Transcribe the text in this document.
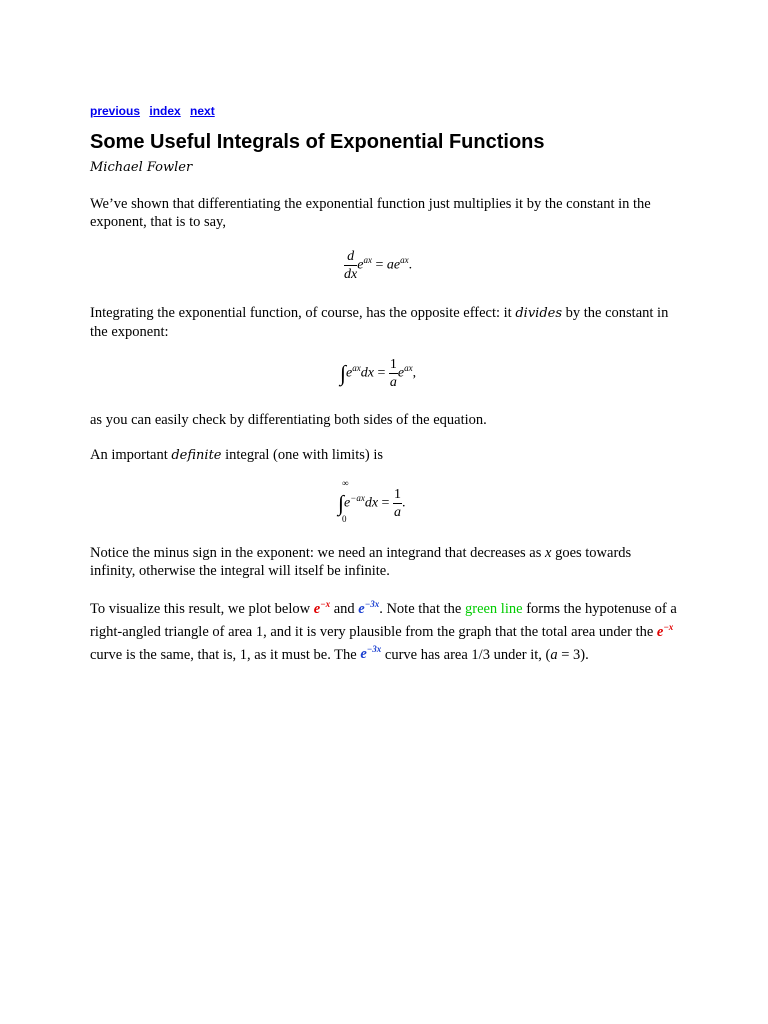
previous index next
Some Useful Integrals of Exponential Functions
Michael Fowler

We’ve shown that differentiating the exponential function just multiplies it by the constant in the exponent, that is to say,

$\frac{d}{dx} e^{ax} = ae^{ax}$.

Integrating the exponential function, of course, has the opposite effect: it divides by the constant in the exponent:

$\int e^{ax}dx = \frac{1}{a} e^{ax}$,

as you can easily check by differentiating both sides of the equation.

An important definite integral (one with limits) is

∞
0
$\int e^{-ax}dx = \frac{1}{a}$ .

Notice the minus sign in the exponent: we need an integrand that decreases as x goes towards infinity, otherwise the integral will itself be infinite.

To visualize this result, we plot below $e^{-x}$ and $e^{-3x}$. Note that the green line forms the hypotenuse of a right-angled triangle of area 1, and it is very plausible from the graph that the total area under the $e^{-x}$ curve is the same, that is, 1, as it must be. The $e^{-3x}$ curve has area 1/3 under it, (a = 3).
